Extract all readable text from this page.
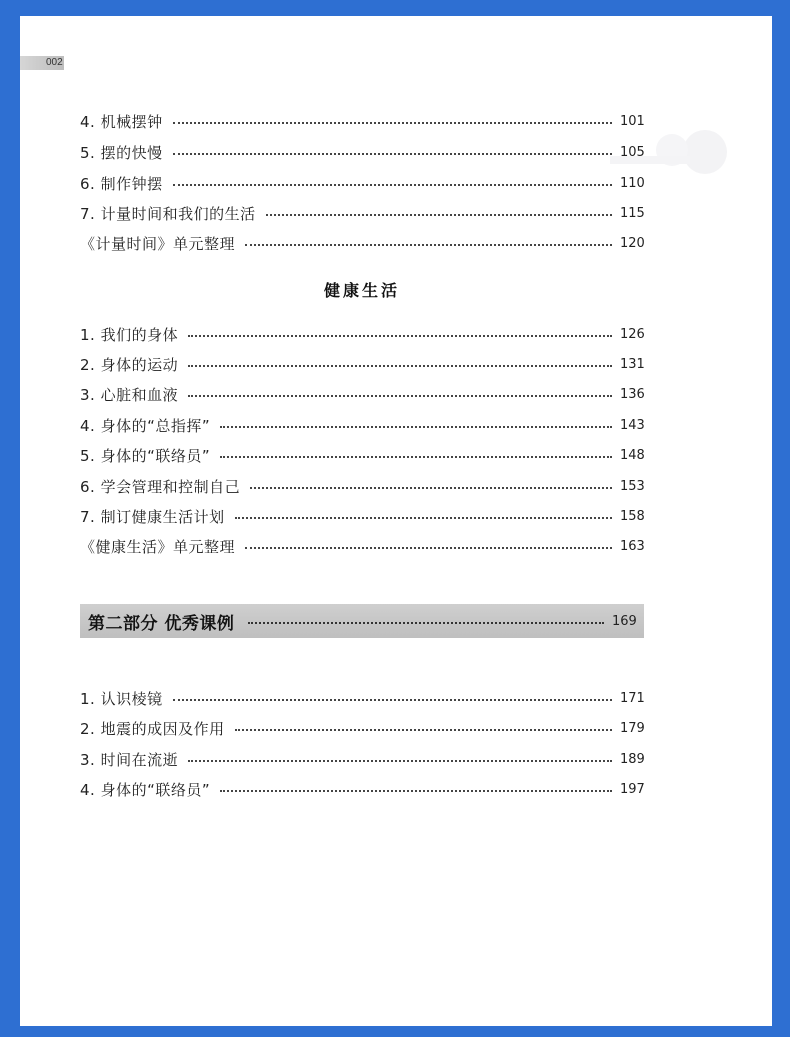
002
4. 机械摆钟	101
5. 摆的快慢	105
6. 制作钟摆	110
7. 计量时间和我们的生活	115
《计量时间》单元整理	120
健康生活
1. 我们的身体	126
2. 身体的运动	131
3. 心脏和血液	136
4. 身体的“总指挥”	143
5. 身体的“联络员”	148
6. 学会管理和控制自己	153
7. 制订健康生活计划	158
《健康生活》单元整理	163
第二部分 优秀课例	169
1. 认识棱镜	171
2. 地震的成因及作用	179
3. 时间在流逝	189
4. 身体的“联络员”	197
